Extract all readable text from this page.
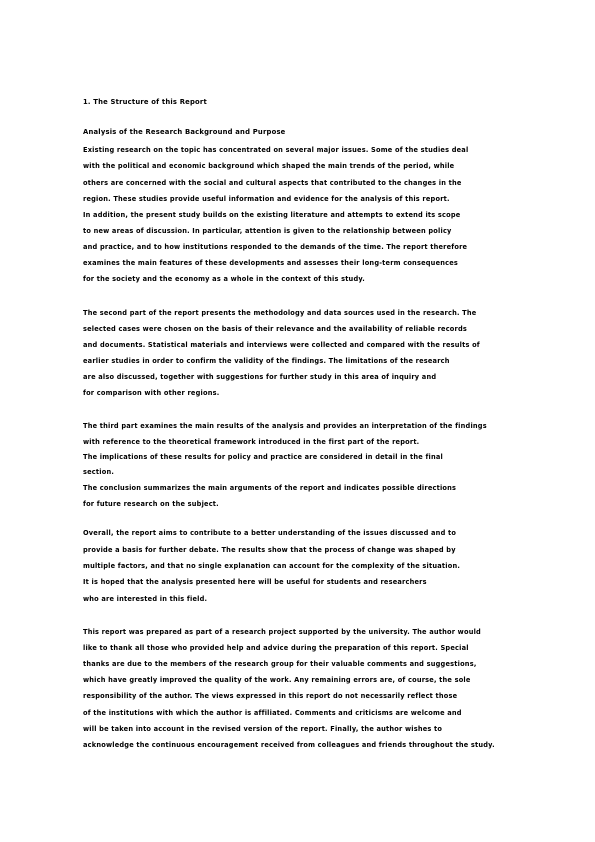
1. The Structure of this Report
Analysis of the Research Background and Purpose
Existing research on the topic has concentrated on several major issues. Some of the studies deal
with the political and economic background which shaped the main trends of the period, while
others are concerned with the social and cultural aspects that contributed to the changes in the
region. These studies provide useful information and evidence for the analysis of this report.
In addition, the present study builds on the existing literature and attempts to extend its scope
to new areas of discussion. In particular, attention is given to the relationship between policy
and practice, and to how institutions responded to the demands of the time. The report therefore
examines the main features of these developments and assesses their long-term consequences
for the society and the economy as a whole in the context of this study.
The second part of the report presents the methodology and data sources used in the research. The
selected cases were chosen on the basis of their relevance and the availability of reliable records
and documents. Statistical materials and interviews were collected and compared with the results of
earlier studies in order to confirm the validity of the findings. The limitations of the research
are also discussed, together with suggestions for further study in this area of inquiry and
for comparison with other regions.
The third part examines the main results of the analysis and provides an interpretation of the findings
with reference to the theoretical framework introduced in the first part of the report.
The implications of these results for policy and practice are considered in detail in the final
section.
The conclusion summarizes the main arguments of the report and indicates possible directions
for future research on the subject.
Overall, the report aims to contribute to a better understanding of the issues discussed and to
provide a basis for further debate. The results show that the process of change was shaped by
multiple factors, and that no single explanation can account for the complexity of the situation.
It is hoped that the analysis presented here will be useful for students and researchers
who are interested in this field.
This report was prepared as part of a research project supported by the university. The author would
like to thank all those who provided help and advice during the preparation of this report. Special
thanks are due to the members of the research group for their valuable comments and suggestions,
which have greatly improved the quality of the work. Any remaining errors are, of course, the sole
responsibility of the author. The views expressed in this report do not necessarily reflect those
of the institutions with which the author is affiliated. Comments and criticisms are welcome and
will be taken into account in the revised version of the report. Finally, the author wishes to
acknowledge the continuous encouragement received from colleagues and friends throughout the study.
